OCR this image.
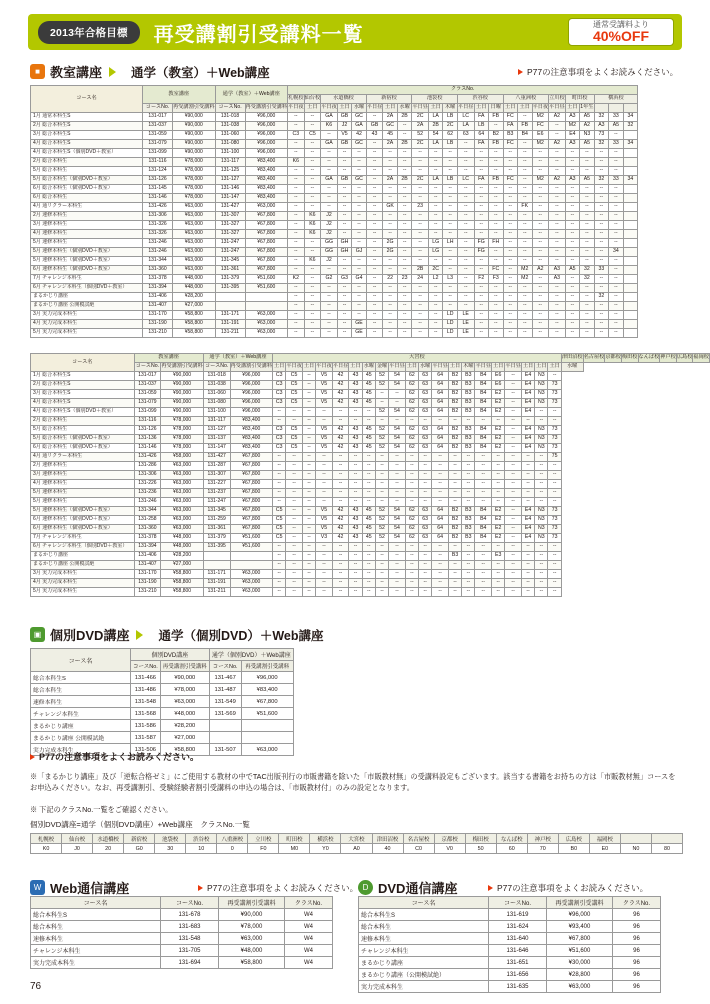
2013年合格目標	再受講割引受講料一覧	通常受講料より
40%OFF
■ 教室講座 通学（教室）＋Web講座	P77の注意事項をよくお読みください。
コース名	教室講座		通学（教室）＋Web講座		クラスNo.																						
					札幌校	仙台校	水道橋校			新宿校			池袋校			渋谷校			八重洲校			立川校	町田校		横浜校		
	コースNo.	再受講割引受講料	コースNo.	再受講割引受講料	平日夜	土日	平日夜	土日	水曜	平日昼	土日	水曜	平日昼	土日	木曜	平日昼	土日	日曜	土日	土日	平日夜	平日昼	土日	1年生			
1月 通常本科生S	131-017	¥90,000	131-018	¥96,000	--	--	GA	GB	GC	--	2A	2B	2C	LA	LB	LC	FA	FB	FC	--	M2	A2	A3	A5	32	33	34
2月 総合本科生S	131-037	¥90,000	131-038	¥96,000	--	--	K6	J2	GA	GB	GC	--	2A	2B	2C	LA	LB	--	FA	FB	FC	--	M2	A2	A3	A5	32
3月 総合本科生S	131-059	¥90,000	131-060	¥96,000	C3	C5	--	V5	42	43	45	--	52	54	62	63	64	B2	B3	B4	E6	--	E4	N3	73	--	
4月 総合本科生S	131-079	¥90,000	131-080	¥96,000	--	--	GA	GB	GC	--	2A	2B	2C	LA	LB	--	FA	FB	FC	--	M2	A2	A3	A5	32	33	34
4月 総合本科生S（個別DVD＋教室）	131-099	¥90,000	131-100	¥96,000	--	--	--	--	--	--	--	--	--	--	--	--	--	--	--	--	--	--	--	--	--	--	
2月 総合本科生	131-116	¥78,000	131-117	¥83,400	K6	--	--	--	--	--	--	--	--	--	--	--	--	--	--	--	--	--	--	--	--	--	
5月 総合本科生	131-124	¥78,000	131-125	¥83,400	--	--	--	--	--	--	--	--	--	--	--	--	--	--	--	--	--	--	--	--	--	--	
5月 総合本科生（個別DVD＋教室）	131-126	¥78,000	131-127	¥83,400	--	--	GA	GB	GC	--	2A	2B	2C	LA	LB	LC	FA	FB	FC	--	M2	A2	A3	A5	32	33	34
6月 総合本科生（個別DVD＋教室）	131-145	¥78,000	131-146	¥83,400	--	--	--	--	--	--	--	--	--	--	--	--	--	--	--	--	--	--	--	--	--	--	
6月 総合本科生	131-146	¥78,000	131-147	¥83,400	--	--	--	--	--	--	--	--	--	--	--	--	--	--	--	--	--	--	--	--	--	--	
4月 通リクラー本科生	131-426	¥63,000	131-427	¥63,000	--	--	--	--	--	--	GK	--	23	--	--	--	--	--	--	FK	--	--	--	--	--	--	
2月 速修本科生	131-306	¥63,000	131-307	¥67,800	--	K6	J2	--	--	--	--	--	--	--	--	--	--	--	--	--	--	--	--	--	--	--	
3月 速修本科生	131-326	¥63,000	131-327	¥67,800	--	K6	J2	--	--	--	--	--	--	--	--	--	--	--	--	--	--	--	--	--	--	--	
4月 速修本科生	131-326	¥63,000	131-327	¥67,800	--	K6	J2	--	--	--	--	--	--	--	--	--	--	--	--	--	--	--	--	--	--	--	
5月 速修本科生	131-246	¥63,000	131-247	¥67,800	--	--	GG	GH	--	--	2G	--	--	LG	LH	--	FG	FH	--	--	--	--	--	--	--	--	
5月 速修本科生（個別DVD＋教室）	131-246	¥63,000	131-247	¥67,800	--	--	GG	GH	GJ	--	2G	--	--	LG	--	--	FG	--	--	--	--	--	--	--	--	34	
5月 速修本科生（個別DVD＋教室）	131-344	¥63,000	131-345	¥67,800	--	K6	J2	--	--	--	--	--	--	--	--	--	--	--	--	--	--	--	--	--	--	--	
6月 速修本科生（個別DVD＋教室）	131-360	¥63,000	131-361	¥67,800	--	--	--	--	--	--	--	--	2B	2C	--	--	--	FC	--	M2	A2	A3	A5	32	33	--	
7月 チャレンジ本科生	131-378	¥48,000	131-379	¥51,600	K2	--	G2	G3	G4	--	22	23	24	L2	L3	--	F2	F3	--	M2	--	A3	--	32	--	--	
6月 チャレンジ本科生（個別DVD＋教室）	131-394	¥48,000	131-395	¥51,600	--	--	--	--	--	--	--	--	--	--	--	--	--	--	--	--	--	--	--	--	--	--	
まるかじり講座	131-406	¥28,200			--	--	--	--	--	--	--	--	--	--	--	--	--	--	--	--	--	--	--	--	32	--	
まるかじり講座 公開模試絶	131-407	¥27,000			--	--	--	--	--	--	--	--	--	--	--	--	--	--	--	--	--	--	--	--	--	--	
3月 実力完成本科生	131-170	¥58,800	131-171	¥63,000	--	--	--	--	--	--	--	--	--	--	LD	LE	--	--	--	--	--	--	--	--	--	--	
4月 実力完成本科生	131-190	¥58,800	131-191	¥63,000	--	--	--	--	GE	--	--	--	--	--	LD	LE	--	--	--	--	--	--	--	--	--	--	
5月 実力完成本科生	131-210	¥58,800	131-211	¥63,000	--	--	--	--	GE	--	--	--	--	--	LD	LE	--	--	--	--	--	--	--	--	--	--	
コース名	教室講座		通学（教室）＋Web講座		大宮校																				津田沼校	名古屋校	京都校	梅田校	なんば校	神戸校	広島校	福岡校
	コースNo.	再受講割引受講料	コースNo.	再受講割引受講料	土日	平日夜	土日	平日夜	平日昼	土日	水曜	金曜	平日昼	土日	水曜	平日昼	土日	木曜	平日昼	土日	平日昼	土日	土日	土日	水曜							
1月 総合本科生S	131-017	¥90,000	131-018	¥96,000	C3	C5	--	V5	42	43	45	52	54	62	63	64	B2	B3	B4	E6	--	E4	N3	--								
2月 総合本科生S	131-037	¥90,000	131-038	¥96,000	C3	C5	--	V5	42	43	45	52	54	62	63	64	B2	B3	B4	E6	--	E4	N3	73								
3月 総合本科生S	131-059	¥90,000	131-060	¥96,000	C3	C5	--	V5	42	43	45	--	--	62	63	64	B2	B3	B4	E2	--	E4	N3	73								
4月 総合本科生S	131-079	¥90,000	131-080	¥96,000	C3	C5	--	V5	42	43	45	--	--	62	63	64	B2	B3	B4	E2	--	E4	N3	73								
4月 総合本科生S（個別DVD＋教室）	131-099	¥90,000	131-100	¥96,000	--	--	--	--	--	--	--	52	54	62	63	64	B2	B3	B4	E2	--	E4	--	--								
2月 総合本科生	131-116	¥78,000	131-117	¥83,400	--	--	--	--	--	--	--	--	--	--	--	--	--	--	--	--	--	--	--	--								
5月 総合本科生	131-126	¥78,000	131-127	¥83,400	C3	C5	--	V5	42	43	45	52	54	62	63	64	B2	B3	B4	E2	--	E4	N3	73								
5月 総合本科生（個別DVD＋教室）	131-136	¥78,000	131-137	¥83,400	C3	C5	--	V5	42	43	45	52	54	62	63	64	B2	B3	B4	E2	--	E4	N3	73								
6月 総合本科生（個別DVD＋教室）	131-146	¥78,000	131-147	¥83,400	C3	C5	--	V5	42	43	45	52	54	62	63	64	B2	B3	B4	E2	--	E4	N3	73								
4月 通リクラー本科生	131-426	¥58,000	131-427	¥67,800	--	--	--	--	--	--	--	--	--	--	--	--	--	--	--	--	--	--	--	75								
2月 速修本科生	131-286	¥63,000	131-287	¥67,800	--	--	--	--	--	--	--	--	--	--	--	--	--	--	--	--	--	--	--	--								
3月 速修本科生	131-306	¥63,000	131-307	¥67,800	--	--	--	--	--	--	--	--	--	--	--	--	--	--	--	--	--	--	--	--								
4月 速修本科生	131-226	¥63,000	131-227	¥67,800	--	--	--	--	--	--	--	--	--	--	--	--	--	--	--	--	--	--	--	--								
5月 速修本科生	131-236	¥63,000	131-237	¥67,800	--	--	--	--	--	--	--	--	--	--	--	--	--	--	--	--	--	--	--	--								
5月 速修本科生	131-246	¥63,000	131-247	¥67,800	--	--	--	--	--	--	--	--	--	--	--	--	--	--	--	--	--	--	--	--								
5月 速修本科生（個別DVD＋教室）	131-344	¥63,000	131-345	¥67,800	C5	--	--	V5	42	43	45	52	54	62	63	64	B2	B3	B4	E2	--	E4	N3	73								
6月 速修本科生（個別DVD＋教室）	131-258	¥63,000	131-259	¥67,800	C5	--	--	V5	42	43	45	52	54	62	63	64	B2	B3	B4	E2	--	E4	N3	73								
6月 速修本科生（個別DVD＋教室）	131-360	¥63,000	131-361	¥67,800	C5	--	--	V5	42	43	45	52	54	62	63	64	B2	B3	B4	E2	--	E4	N3	73								
7月 チャレンジ本科生	131-378	¥48,000	131-379	¥51,600	C5	--	--	V3	42	43	45	52	54	62	63	64	B2	B3	B4	E2	--	E4	N3	73								
6月 チャレンジ本科生（個別DVD＋教室）	131-394	¥48,000	131-395	¥51,600	--	--	--	--	--	--	--	--	--	--	--	--	--	--	--	--	--	--	--	--								
まるかじり講座	131-406	¥28,200			--	--	--	--	--	--	--	--	--	--	--	--	B3	--	--	E3	--	--	--	--								
まるかじり講座 公開模試絶	131-407	¥27,000			--	--	--	--	--	--	--	--	--	--	--	--	--	--	--	--	--	--	--	--								
3月 実力完成本科生	131-170	¥58,800	131-171	¥63,000	--	--	--	--	--	--	--	--	--	--	--	--	--	--	--	--	--	--	--	--								
4月 実力完成本科生	131-190	¥58,800	131-191	¥63,000	--	--	--	--	--	--	--	--	--	--	--	--	--	--	--	--	--	--	--	--								
5月 実力完成本科生	131-210	¥58,800	131-211	¥63,000	--	--	--	--	--	--	--	--	--	--	--	--	--	--	--	--	--	--	--	--								
▣ 個別DVD講座 通学（個別DVD）＋Web講座
コース名	個別DVD講座		通学（個別DVD）＋Web講座	
	コースNo.	再受講割引受講料	コースNo.	再受講割引受講料
総合本科生S	131-466	¥90,000	131-467	¥96,000
総合本科生	131-486	¥78,000	131-487	¥83,400
速修本科生	131-548	¥63,000	131-549	¥67,800
チャレンジ本科生	131-568	¥48,000	131-569	¥51,600
まるかじり講座	131-586	¥28,200		
まるかじり講座 公開模試絶	131-587	¥27,000		
実力完成本科生	131-506	¥58,800	131-507	¥63,000
P77の注意事項をよくお読みください。
※「まるかじり講座」及び「逆転合格ゼミ」にご使用する教材の中でTAC出版刊行の市販書籍を除いた「市販教材無」の受講料設定もございます。該当する書籍をお持ちの方は「市販教材無」コースをお申込みください。なお、再受講割引、受験経験者割引受講料の申込の場合は、「市販教材付」のみの設定となります。
※ 下記のクラスNo.一覧をご確認ください。
個別DVD講座=通学（個別DVD講座）+Web講座　クラスNo.一覧
札幌校	仙台校	水道橋校	新宿校	池袋校	渋谷校	八重洲校	立川校	町田校	横浜校	大宮校	津田沼校	名古屋校	京都校	梅田校	なんば校	神戸校	広島校	福岡校		
K0	J0	20	G0	30	10	0	F0	M0	Y0	A0	40	C0	V0	50	60	70	B0	E0	N0	80
W Web通信講座	P77の注意事項をよくお読みください。
コース名	コースNo.	再受講割引受講料	クラスNo.
総合本科生S	131-678	¥90,000	W4
総合本科生	131-683	¥78,000	W4
速修本科生	131-548	¥63,000	W4
チャレンジ本科生	131-705	¥48,000	W4
実力完成本科生	131-694	¥58,800	W4
D DVD通信講座	P77の注意事項をよくお読みください。
コース名	コースNo.	再受講割引受講料	クラスNo.
総合本科生S	131-619	¥96,000	96
総合本科生	131-624	¥93,400	96
速修本科生	131-640	¥67,800	96
チャレンジ本科生	131-646	¥51,600	96
まるかじり講座	131-651	¥30,000	96
まるかじり講座（公開模試絶）	131-656	¥28,800	96
実力完成本科生	131-635	¥63,000	96
76
